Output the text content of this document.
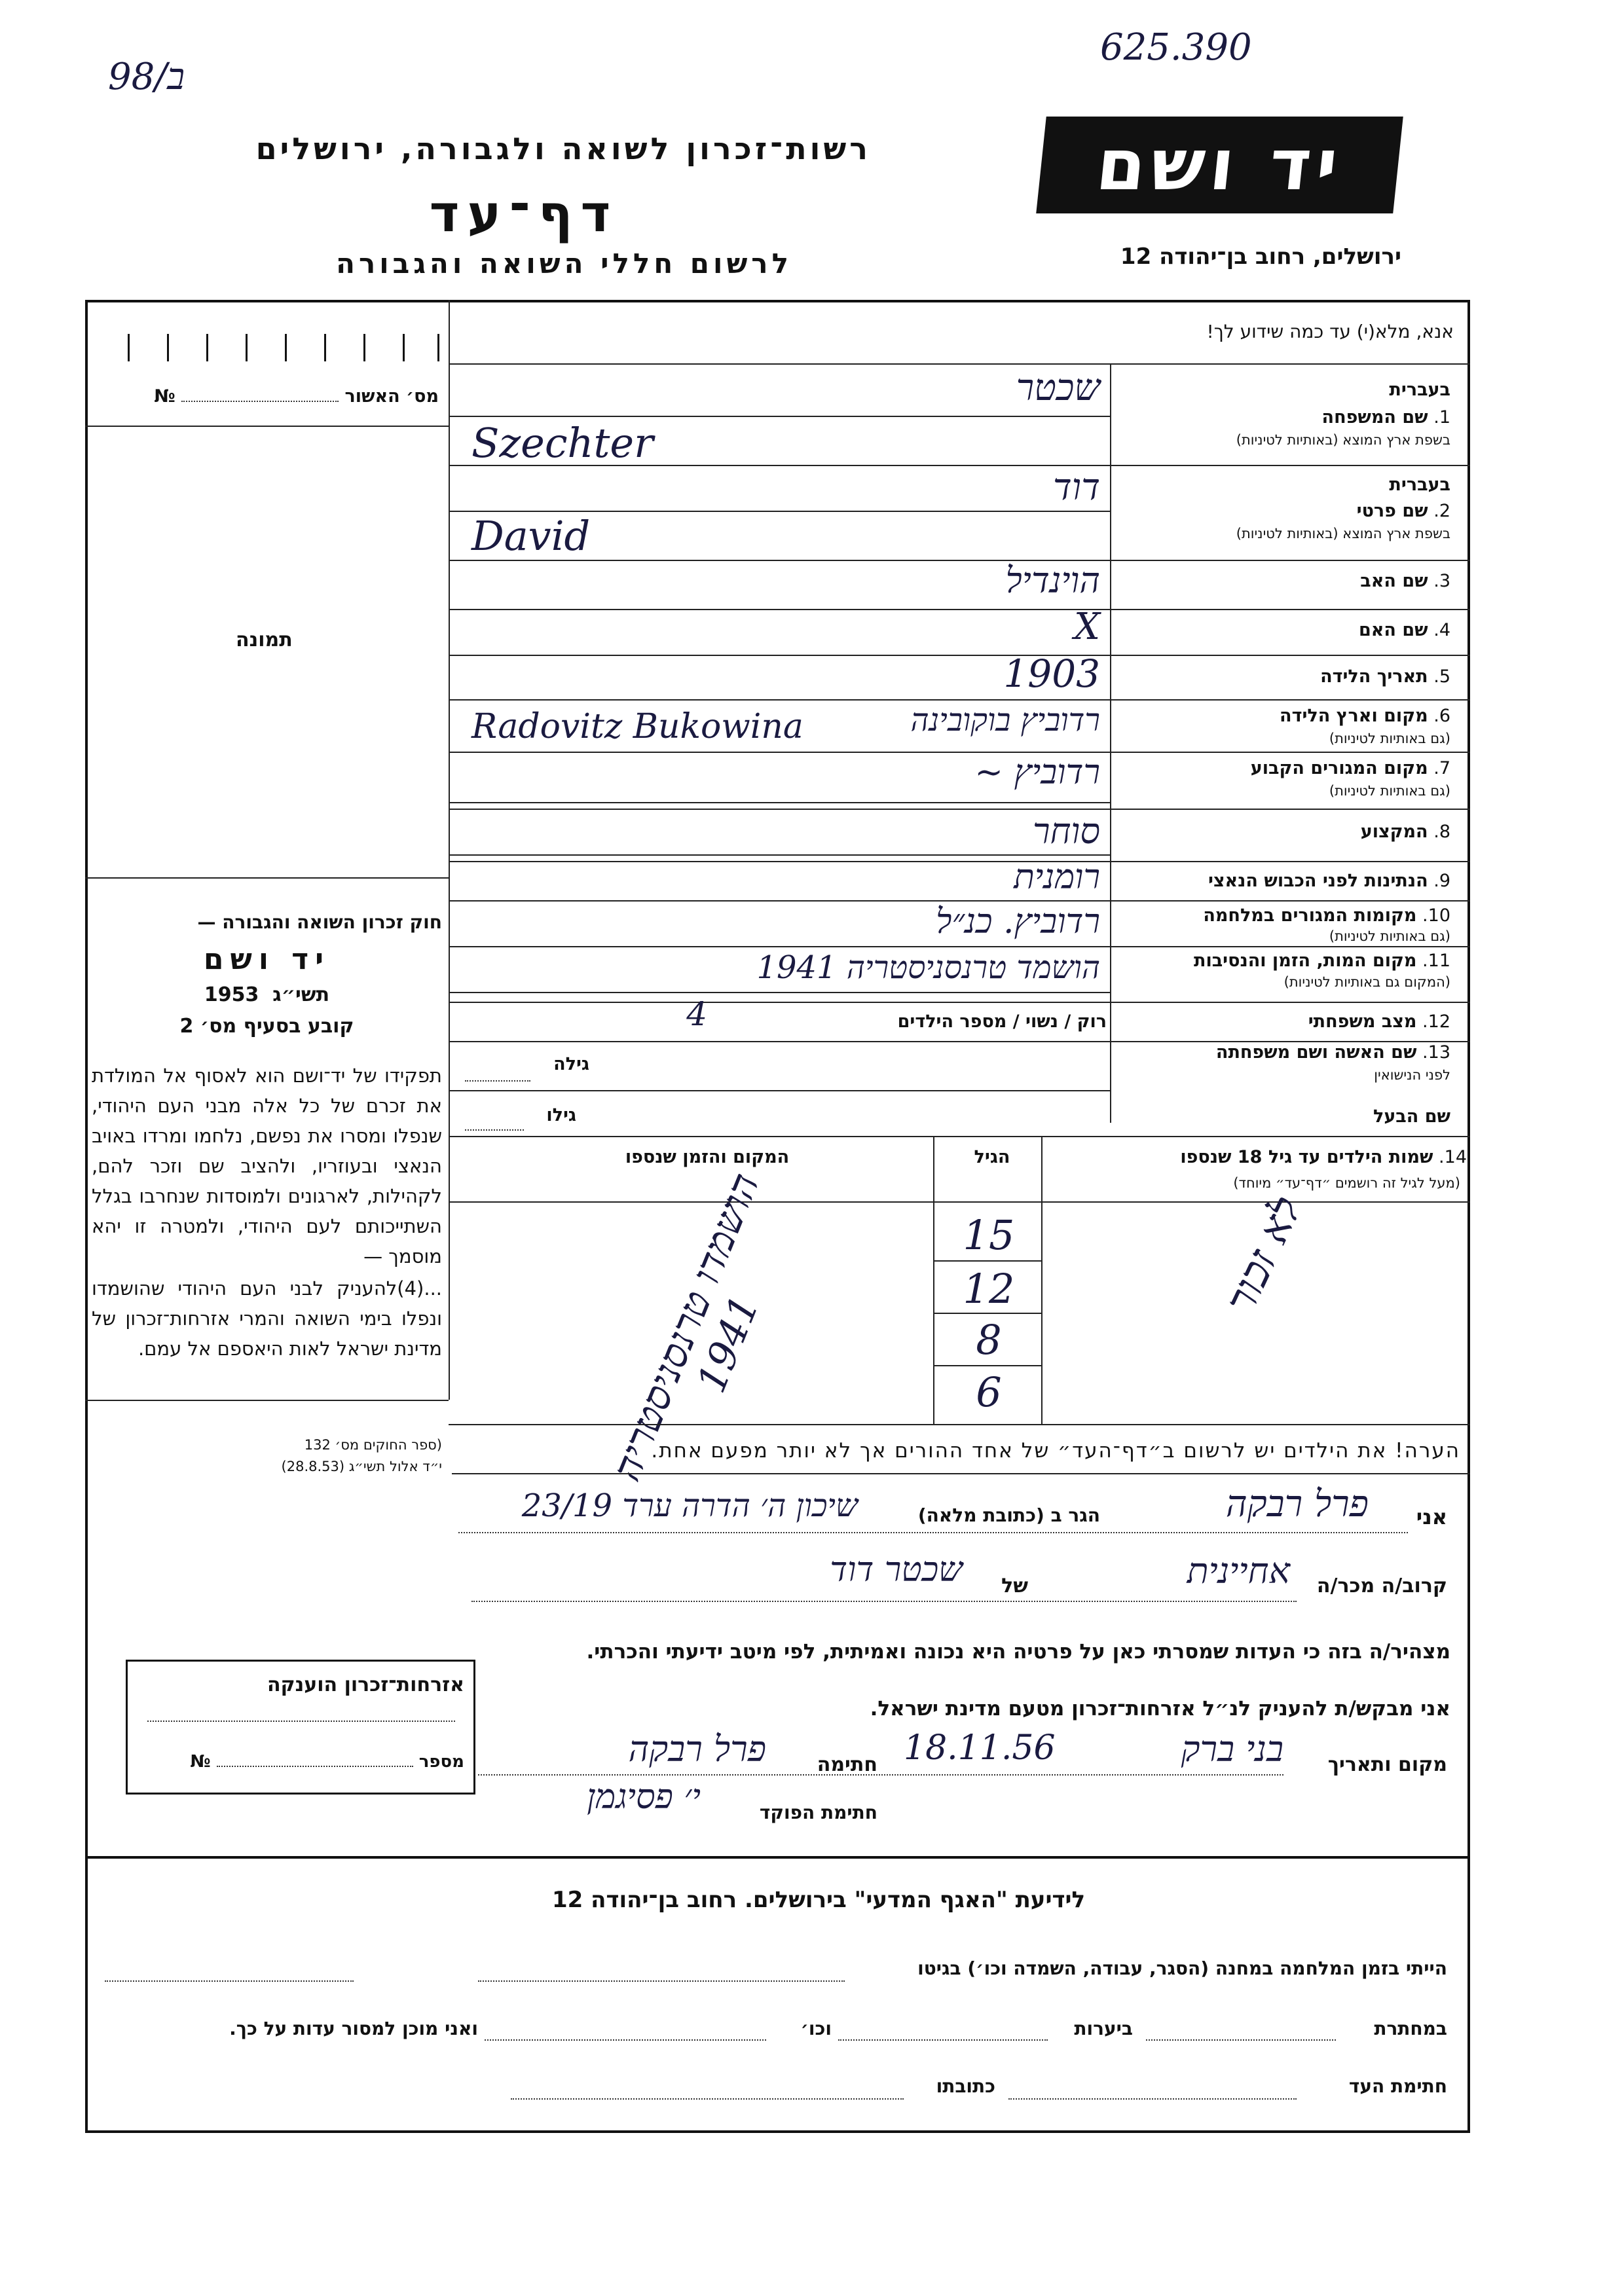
625.390
98/ב
רשות־זכרון לשואה ולגבורה, ירושלים
דף־עד
לרשום חללי השואה והגבורה
יד ושם
ירושלים, רחוב בן־יהודה 12
אנא, מלא(י) עד כמה שידוע לך!
מס׳ האשור  №
תמונה
חוק זכרון השואה והגבורה —
יד ושם
תשי״ג  1953
קובע בסעיף מס׳ 2
תפקידו של יד־ושם הוא לאסוף אל המולדת את זכרם של כל אלה מבני העם היהודי, שנפלו ומסרו את נפשם, נלחמו ומרדו באויב הנאצי ובעוזריו, ולהציב שם וזכר להם, לקהילות, לארגונים ולמוסדות שנחרבו בגלל השתייכותם לעם היהודי, ולמטרה זו יהא מוסמך —
...(4)להעניק לבני העם היהודי שהושמדו ונפלו בימי השואה והמרי אזרחות־זכרון של מדינת ישראל לאות היאספם אל עמם.
(ספר החוקים מס׳ 132
י״ד אלול תשי״ג (28.8.53)
בעברית
1. שם המשפחה
בשפת ארץ המוצא (באותיות לטיניות)
שכטר
Szechter
בעברית
2. שם פרטי
בשפת ארץ המוצא (באותיות לטיניות)
דוד
David
3. שם האב
הוינדיל
4. שם האם
X
5. תאריך הלידה
1903
6. מקום וארץ הלידה
(גם באותיות לטיניות)
רדוביץ בוקובינה
Radovitz Bukowina
7. מקום המגורים הקבוע
(גם באותיות לטיניות)
רדוביץ ~
8. המקצוע
סוחר
9. הנתינות לפני הכבוש הנאצי
רומנית
10. מקומות המגורים במלחמה
(גם באותיות לטיניות)
רדוביץ. כנ״ל
11. מקום המות, הזמן והנסיבות
(המקום גם באותיות לטיניות)
הושמד טרנסניסטריה 1941
12. מצב משפחתי
רוק / נשוי / מספר הילדים
4
13. שם האשה ושם משפחתה
לפני הנישואין
גילה
שם הבעל
גילו
14. שמות הילדים עד גיל 18 שנספו
(מעל לגיל זה רושמים ״דף־עד״ מיוחד)
הגיל
המקום והזמן שנספו
לא זכור
15
12
8
6
הושמדו טרנסניסטריה 1941
הערה! את הילדים יש לרשום ב״דף־העד״ של אחד ההורים אך לא יותר מפעם אחת.
אני
פרל רבקה
הגר ב (כתובת מלאה)
שיכון ה׳ הדרה ערד 23/19
קרוב/ה מכר/ה
אחיינית
של
שכטר דוד
מצהיר/ה בזה כי העדות שמסרתי כאן על פרטיה היא נכונה ואמיתית, לפי מיטב ידיעתי והכרתי.
אני מבקש/ת להעניק לנ״ל אזרחות־זכרון מטעם מדינת ישראל.
אזרחות־זכרון הוענקה
מספר  №	מקום ותאריך
בני ברק
18.11.56
חתימה
פרל רבקה
חתימת הפוקד
י׳ פסיגמן
לידיעת "האגף המדעי" בירושלים. רחוב בן־יהודה 12
הייתי בזמן המלחמה במחנה (הסגר, עבודה, השמדה וכו׳) בגיטו
במחתרת
ביערות
וכו׳
ואני מוכן למסור עדות על כך.
חתימת העד
כתובתו
